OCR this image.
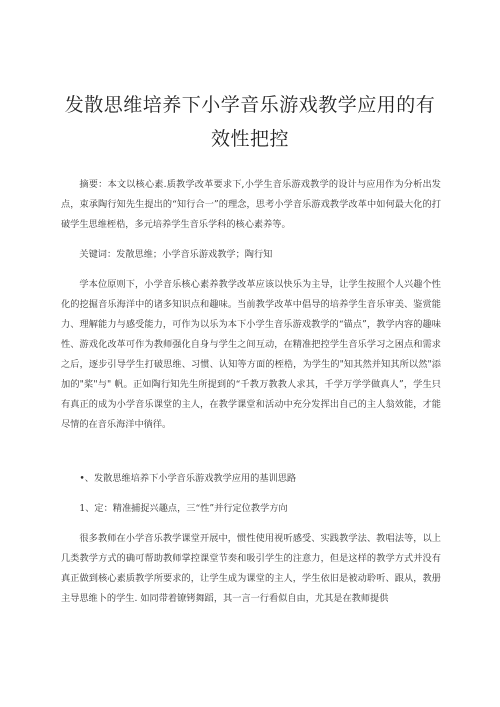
发散思维培养下小学音乐游戏教学应用的有效性把控
摘要：本文以核心素.质教学改革要求下,小学生音乐游戏教学的设计与应用作为分析出发点，束承陶行知先生提出的“知行合一”的理念，思考小学音乐游戏教学改革中如何最大化的打破学生思维桎梏，多元培养学生音乐学科的核心素养等。
关键词：发散思维；小学音乐游戏教学；陶行知
学本位原则下，小学音乐核心素养教学改革应该以快乐为主导，让学生按照个人兴趣个性化的挖掘音乐海洋中的诸多知识点和趣味。当前教学改革中倡导的培养学生音乐审美、鉴赏能力、理解能力与感受能力，可作为以乐为本下小学生音乐游戏教学的“锚点”，教学内容的趣味性、游戏化改革可作为教师强化自身与学生之间互动，在精准把控学生音乐学习之困点和需求之后，逐步引导学生打破思维、习惯、认知等方面的桎梏，为学生的"知其然并知其所以然"添加的"桨"与" 帆。正如陶行知先生所提到的“千教万教教人求其，千学万学学做真人”，学生只有真正的成为小学音乐课堂的主人，在教学课堂和活动中充分发挥出自己的主人翁效能，才能尽情的在音乐海洋中徜徉。
•、发散思维培养下小学音乐游戏教学应用的基训思路
1、定：精准捕捉兴趣点，三“性”并行定位教学方向
很多教师在小学音乐教学课堂开展中，惯性使用视听感受、实践教学法、教唱法等，以上几类教学方式的确可帮助教师掌控课堂节奏和吸引学生的注意力，但是这样的教学方式并没有真正做到核心素质教学所要求的，让学生成为课堂的主人，学生依旧是被动聆听、跟从，教册主导思维卜的学生. 如同带着镣铐舞蹈，其一言一行看似自由，尤其是在教师提供
